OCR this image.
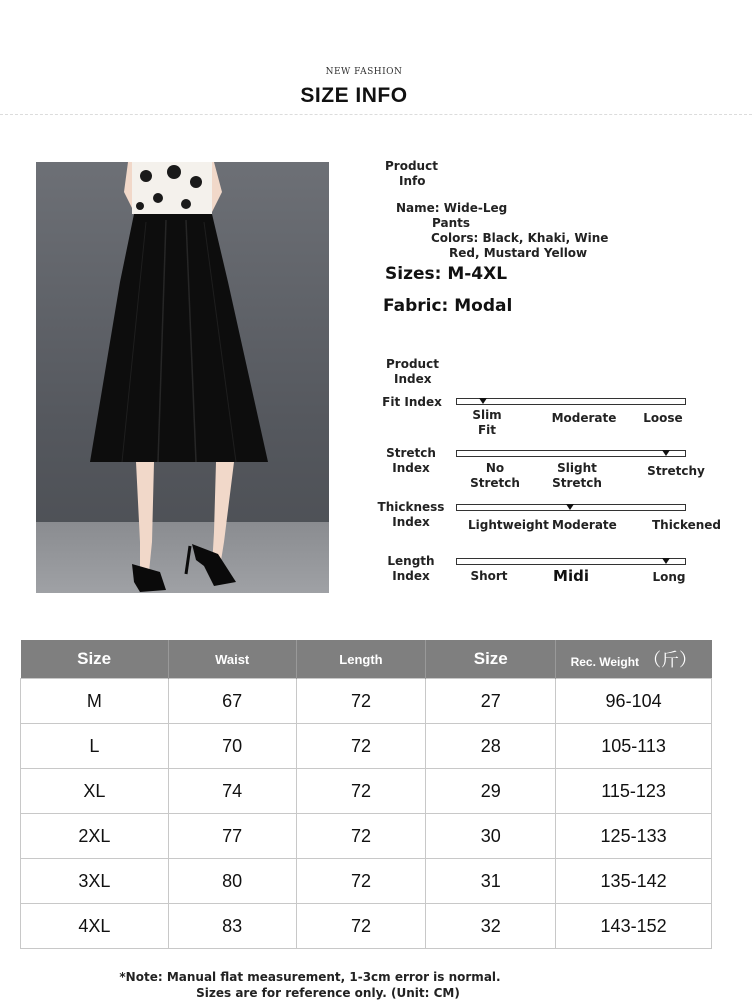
NEW FASHION
SIZE INFO
Product
Info
Name: Wide-Leg
Pants
Colors: Black, Khaki, Wine
Red, Mustard Yellow
Sizes: M-4XL
Fabric: Modal
Product
Index
Fit Index
Slim
Fit
Moderate	Loose
Stretch
Index	No
Stretch
Slight
Stretch
Stretchy
Thickness
Index	Lightweight Moderate	Thickened
Length
Index	Short	Midi	Long
Size	Waist	Length	Size	Rec. Weight （斤）
M	67	72	27	96-104
L	70	72	28	105-113
XL	74	72	29	115-123
2XL	77	72	30	125-133
3XL	80	72	31	135-142
4XL	83	72	32	143-152
*Note: Manual flat measurement, 1-3cm error is normal.
Sizes are for reference only. (Unit: CM)
